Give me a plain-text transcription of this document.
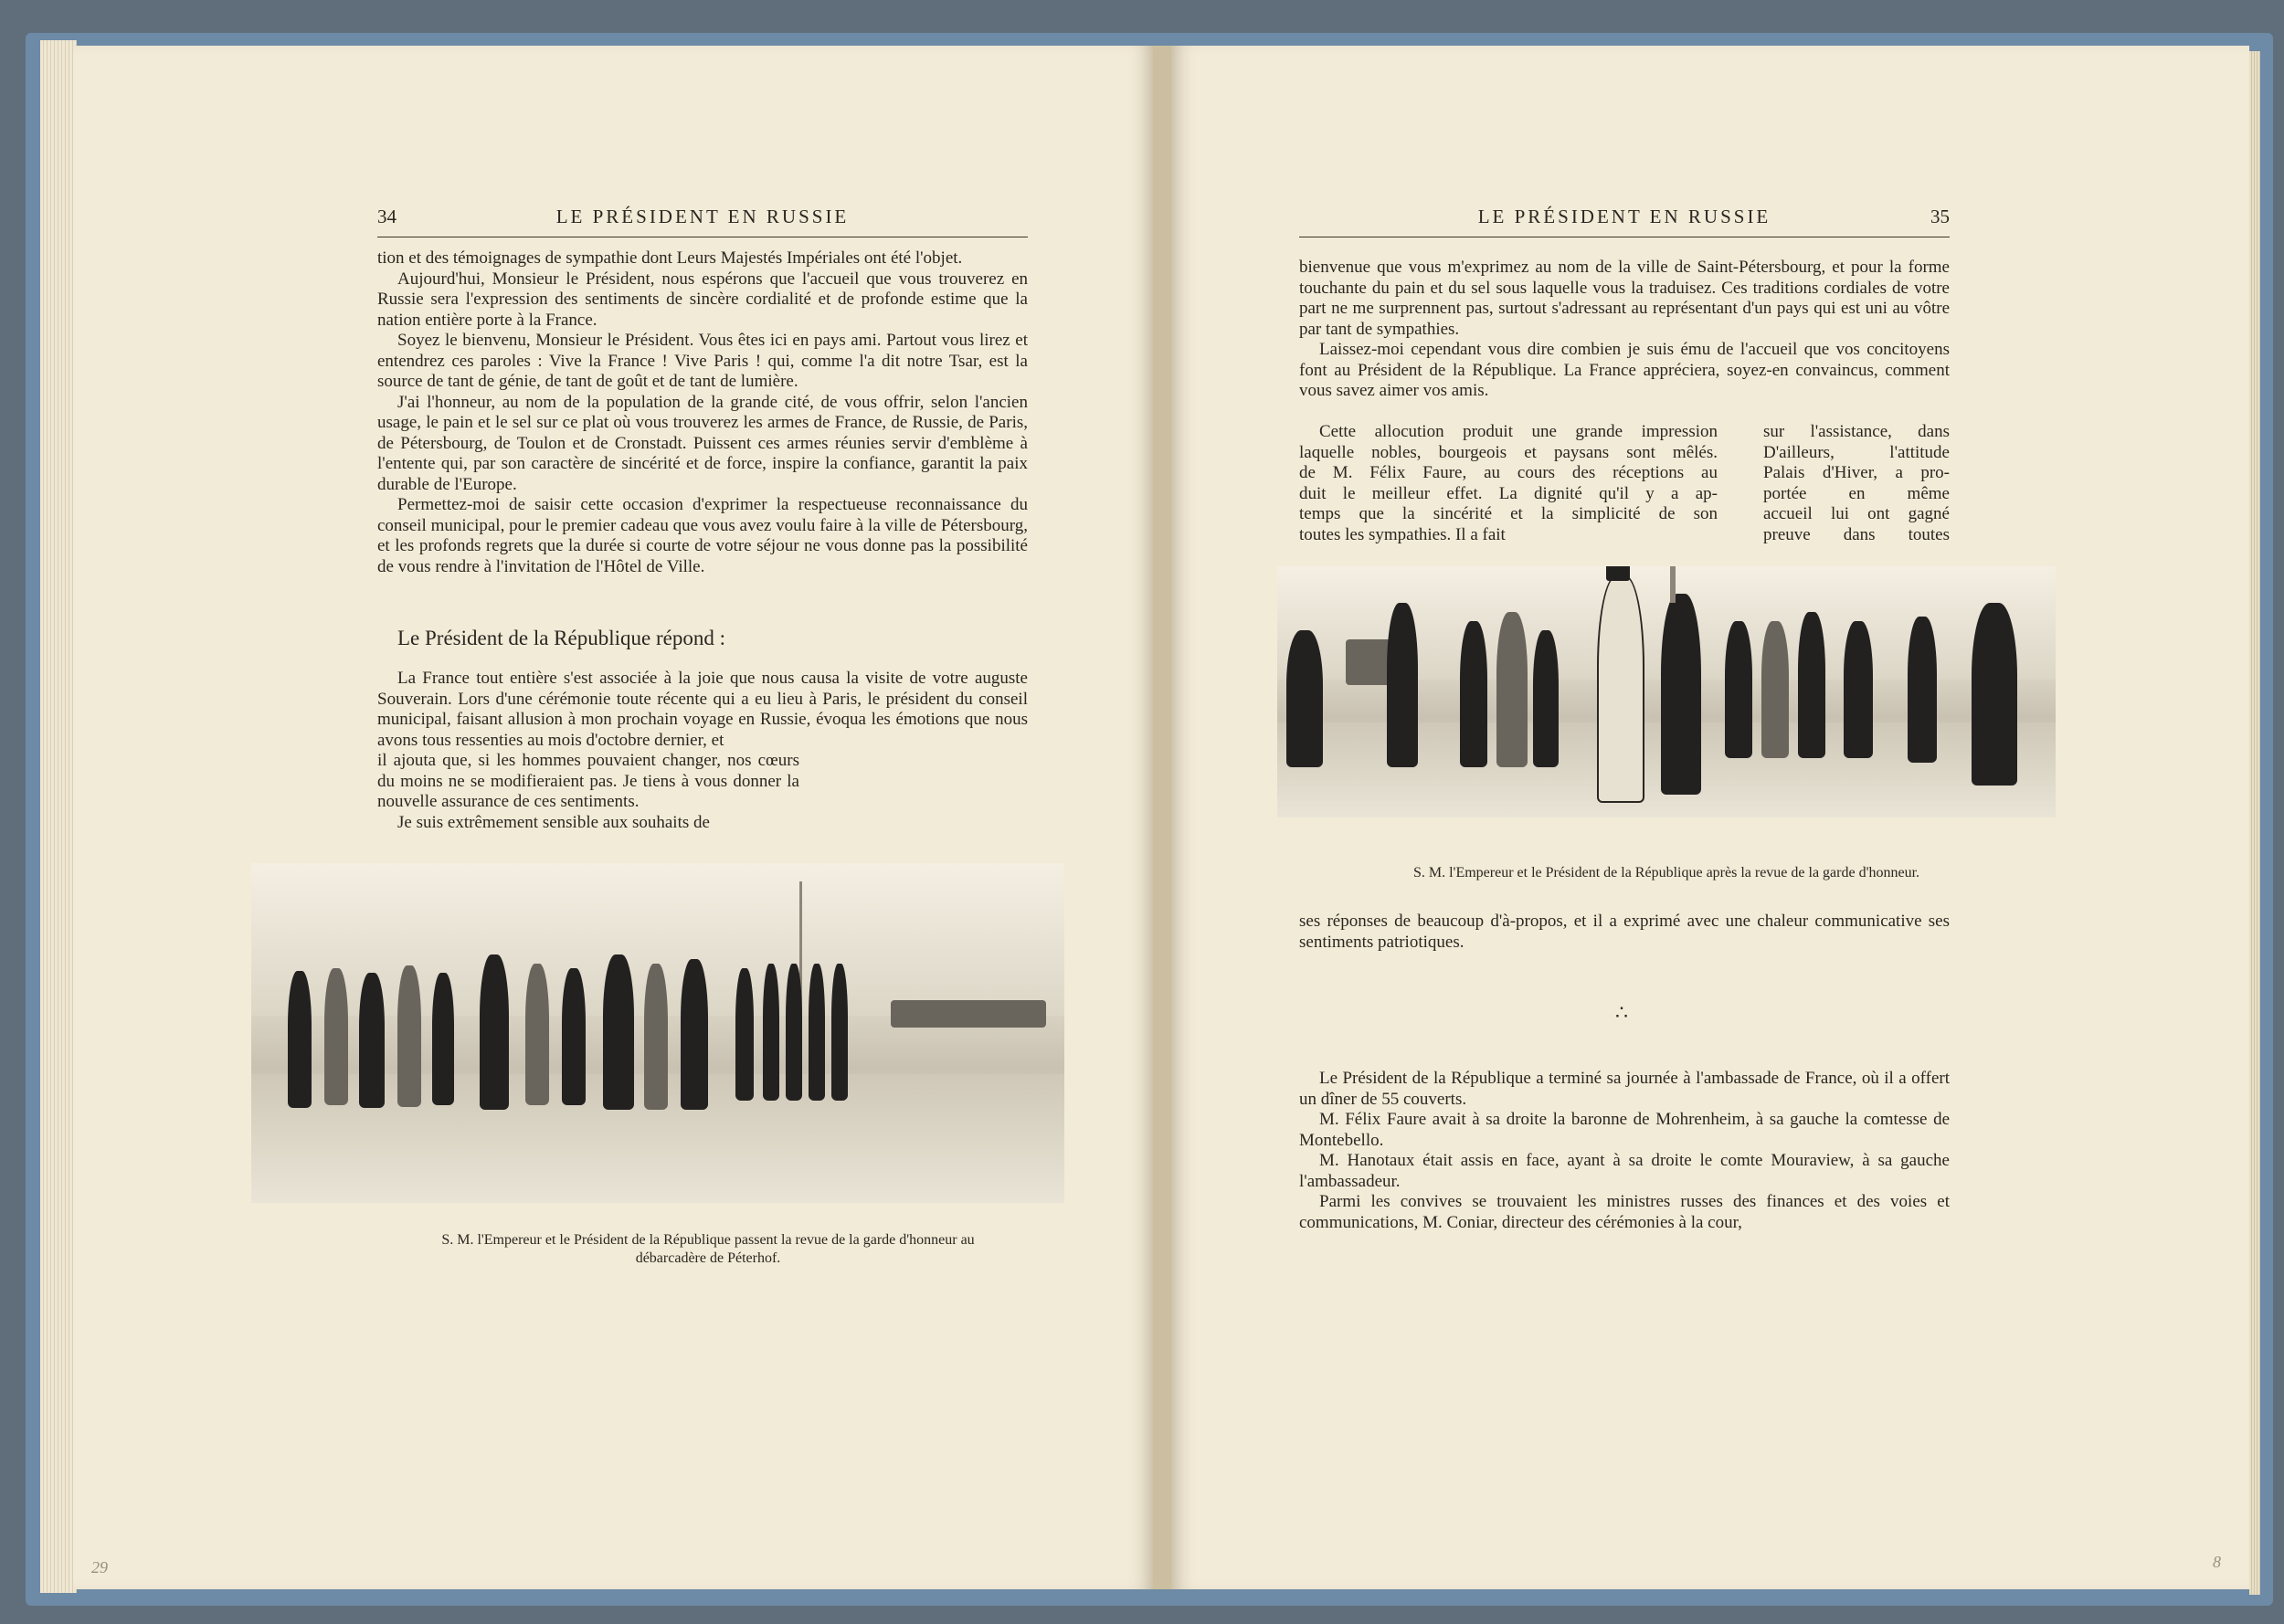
34	LE PRÉSIDENT EN RUSSIE

tion et des témoignages de sympathie dont Leurs Majestés Impériales ont été l'objet.

Aujourd'hui, Monsieur le Président, nous espérons que l'accueil que vous trouverez en Russie sera l'expression des sentiments de sincère cordialité et de profonde estime que la nation entière porte à la France.

Soyez le bienvenu, Monsieur le Président. Vous êtes ici en pays ami. Partout vous lirez et entendrez ces paroles : Vive la France ! Vive Paris ! qui, comme l'a dit notre Tsar, est la source de tant de génie, de tant de goût et de tant de lumière.

J'ai l'honneur, au nom de la population de la grande cité, de vous offrir, selon l'ancien usage, le pain et le sel sur ce plat où vous trouverez les armes de France, de Russie, de Paris, de Pétersbourg, de Toulon et de Cronstadt. Puissent ces armes réunies servir d'emblème à l'entente qui, par son caractère de sincérité et de force, inspire la confiance, garantit la paix durable de l'Europe.

Permettez-moi de saisir cette occasion d'exprimer la respectueuse reconnaissance du conseil municipal, pour le premier cadeau que vous avez voulu faire à la ville de Pétersbourg, et les profonds regrets que la durée si courte de votre séjour ne vous donne pas la possibilité de vous rendre à l'invitation de l'Hôtel de Ville.

Le Président de la République répond :

La France tout entière s'est associée à la joie que nous causa la visite de votre auguste Souverain. Lors d'une cérémonie toute récente qui a eu lieu à Paris, le président du conseil municipal, faisant allusion à mon prochain voyage en Russie, évoqua les émotions que nous avons tous ressenties au mois d'octobre dernier, et

il ajouta que, si les hommes pouvaient changer, nos cœurs du moins ne se modifieraient pas. Je tiens à vous donner la nouvelle assurance de ces sentiments.

Je suis extrêmement sensible aux souhaits de

S. M. l'Empereur et le Président de la République passent la revue de la garde d'honneur au débarcadère de Péterhof.
29
LE PRÉSIDENT EN RUSSIE	35

bienvenue que vous m'exprimez au nom de la ville de Saint-Pétersbourg, et pour la forme touchante du pain et du sel sous laquelle vous la traduisez. Ces traditions cordiales de votre part ne me surprennent pas, surtout s'adressant au représentant d'un pays qui est uni au vôtre par tant de sympathies.

Laissez-moi cependant vous dire combien je suis ému de l'accueil que vos concitoyens font au Président de la République. La France appréciera, soyez-en convaincus, comment vous savez aimer vos amis.

Cette allocution produit une grande impression

laquelle nobles, bourgeois et paysans sont mêlés.

de M. Félix Faure, au cours des réceptions au

duit le meilleur effet. La dignité qu'il y a ap-

temps que la sincérité et la simplicité de son

toutes les sympathies. Il a fait

sur l'assistance, dans

D'ailleurs, l'attitude

Palais d'Hiver, a pro-

portée en même

accueil lui ont gagné

preuve dans toutes

S. M. l'Empereur et le Président de la République après la revue de la garde d'honneur.

ses réponses de beaucoup d'à-propos, et il a exprimé avec une chaleur communicative ses sentiments patriotiques.

∴

Le Président de la République a terminé sa journée à l'ambassade de France, où il a offert un dîner de 55 couverts.

M. Félix Faure avait à sa droite la baronne de Mohrenheim, à sa gauche la comtesse de Montebello.

M. Hanotaux était assis en face, ayant à sa droite le comte Mouraview, à sa gauche l'ambassadeur.

Parmi les convives se trouvaient les ministres russes des finances et des voies et communications, M. Coniar, directeur des cérémonies à la cour,

8
